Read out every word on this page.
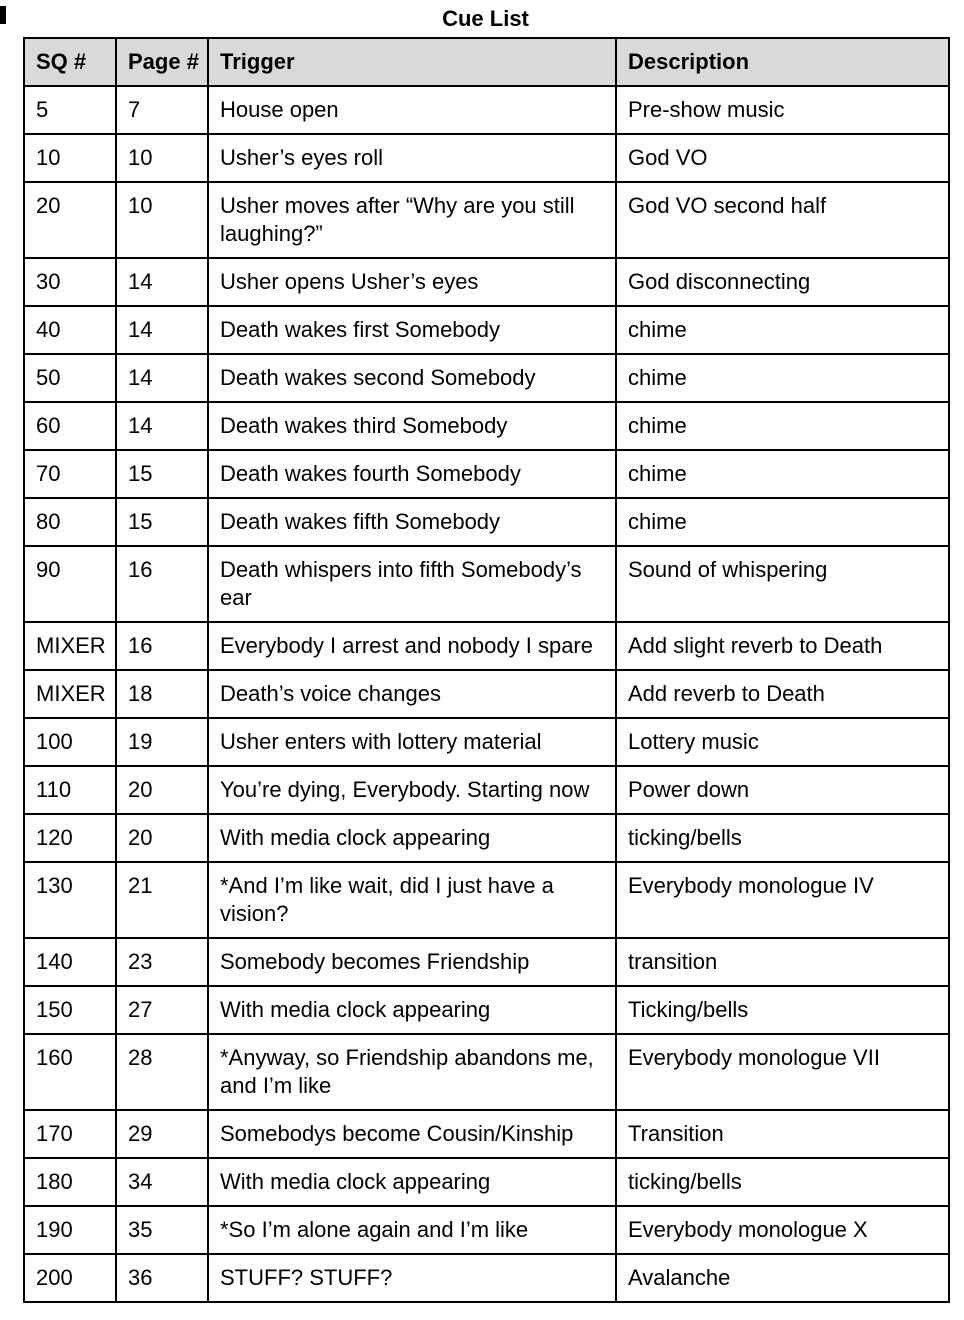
Cue List
SQ #	Page #	Trigger	Description
5	7	House open	Pre-show music
10	10	Usher’s eyes roll	God VO
20	10	Usher moves after “Why are you still laughing?”	God VO second half
30	14	Usher opens Usher’s eyes	God disconnecting
40	14	Death wakes first Somebody	chime
50	14	Death wakes second Somebody	chime
60	14	Death wakes third Somebody	chime
70	15	Death wakes fourth Somebody	chime
80	15	Death wakes fifth Somebody	chime
90	16	Death whispers into fifth Somebody’s ear	Sound of whispering
MIXER	16	Everybody I arrest and nobody I spare	Add slight reverb to Death
MIXER	18	Death’s voice changes	Add reverb to Death
100	19	Usher enters with lottery material	Lottery music
110	20	You’re dying, Everybody. Starting now	Power down
120	20	With media clock appearing	ticking/bells
130	21	*And I’m like wait, did I just have a vision?	Everybody monologue IV
140	23	Somebody becomes Friendship	transition
150	27	With media clock appearing	Ticking/bells
160	28	*Anyway, so Friendship abandons me, and I’m like	Everybody monologue VII
170	29	Somebodys become Cousin/Kinship	Transition
180	34	With media clock appearing	ticking/bells
190	35	*So I’m alone again and I’m like	Everybody monologue X
200	36	STUFF? STUFF?	Avalanche
